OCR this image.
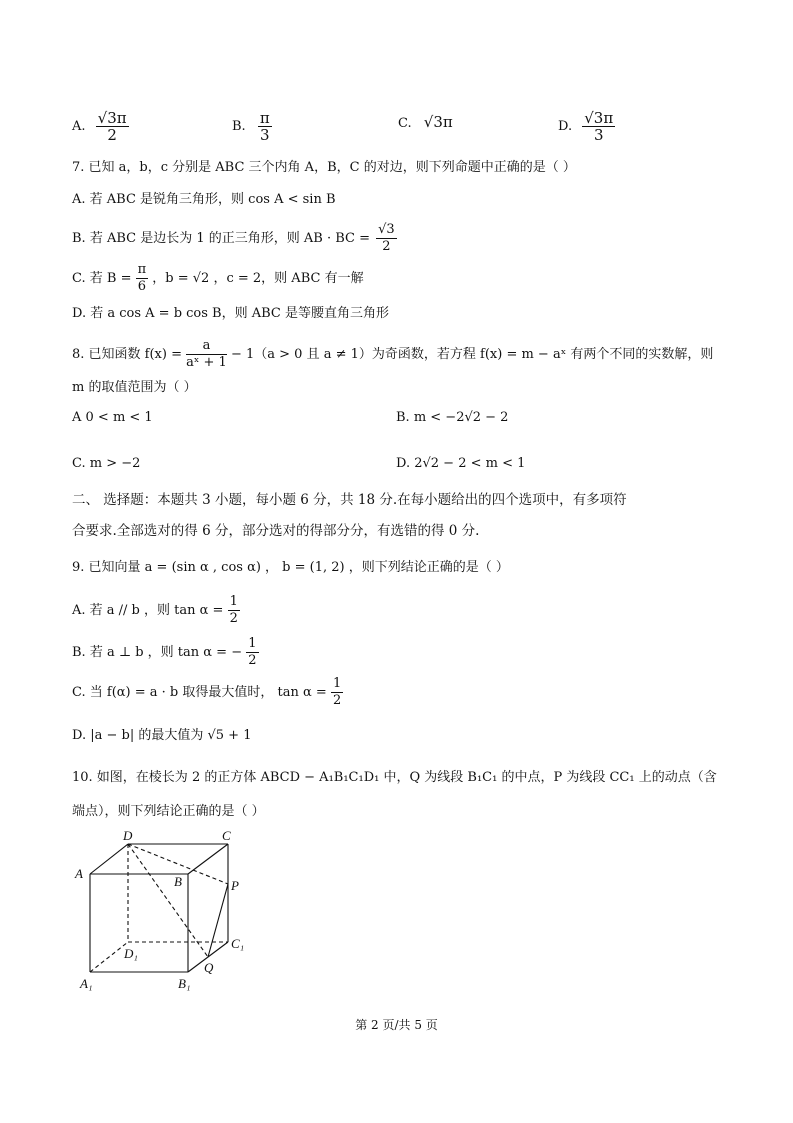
A. $\frac{√3\pi}{2}$	B. $\frac{\pi}{3}$	C. √3π	D. $\frac{√3\pi}{3}$
7. 已知 a，b，c 分别是 ABC 三个内角 A，B，C 的对边，则下列命题中正确的是（ ）
A. 若 ABC 是锐角三角形，则 cos A < sin B
B. 若 ABC 是边长为 1 的正三角形，则 AB · BC = $\frac{√3}{2}$
C. 若 $B = \frac{\pi}{6}$ ，b = √2 ，c = 2，则 ABC 有一解
D. 若 a cos A = b cos B，则 ABC 是等腰直角三角形
8. 已知函数 $f(x) = \frac{a}{\text{aˣ + 1}} - 1(a > 0$ 且 a ≠ 1）为奇函数，若方程 f(x) = m − aˣ 有两个不同的实数解，则
m 的取值范围为（ ）
A 0 < m < 1	B. m < −2√2 − 2
C. m > −2	D. 2√2 − 2 < m < 1
二、 选择题：本题共 3 小题，每小题 6 分，共 18 分.在每小题给出的四个选项中，有多项符
合要求.全部选对的得 6 分，部分选对的得部分分，有选错的得 0 分.
9. 已知向量 a = (sin α , cos α) ， b = (1, 2) ，则下列结论正确的是（ ）
A. 若 a // b ，则 $\tan \alpha = \frac{1}{2}$
B. 若 a ⊥ b ，则 tan α = − $\frac{1}{2}$
C. 当 f(α) = a · b 取得最大值时， $\tan \alpha = \frac{1}{2}$
D. |a − b| 的最大值为 √5 + 1
10. 如图，在棱长为 2 的正方体 ABCD − A₁B₁C₁D₁ 中，Q 为线段 B₁C₁ 的中点，P 为线段 CC₁ 上的动点（含
端点），则下列结论正确的是（ ）
D	C
A
B	P
C₁
D₁
Q
A₁	B₁
第 2 页/共 5 页
